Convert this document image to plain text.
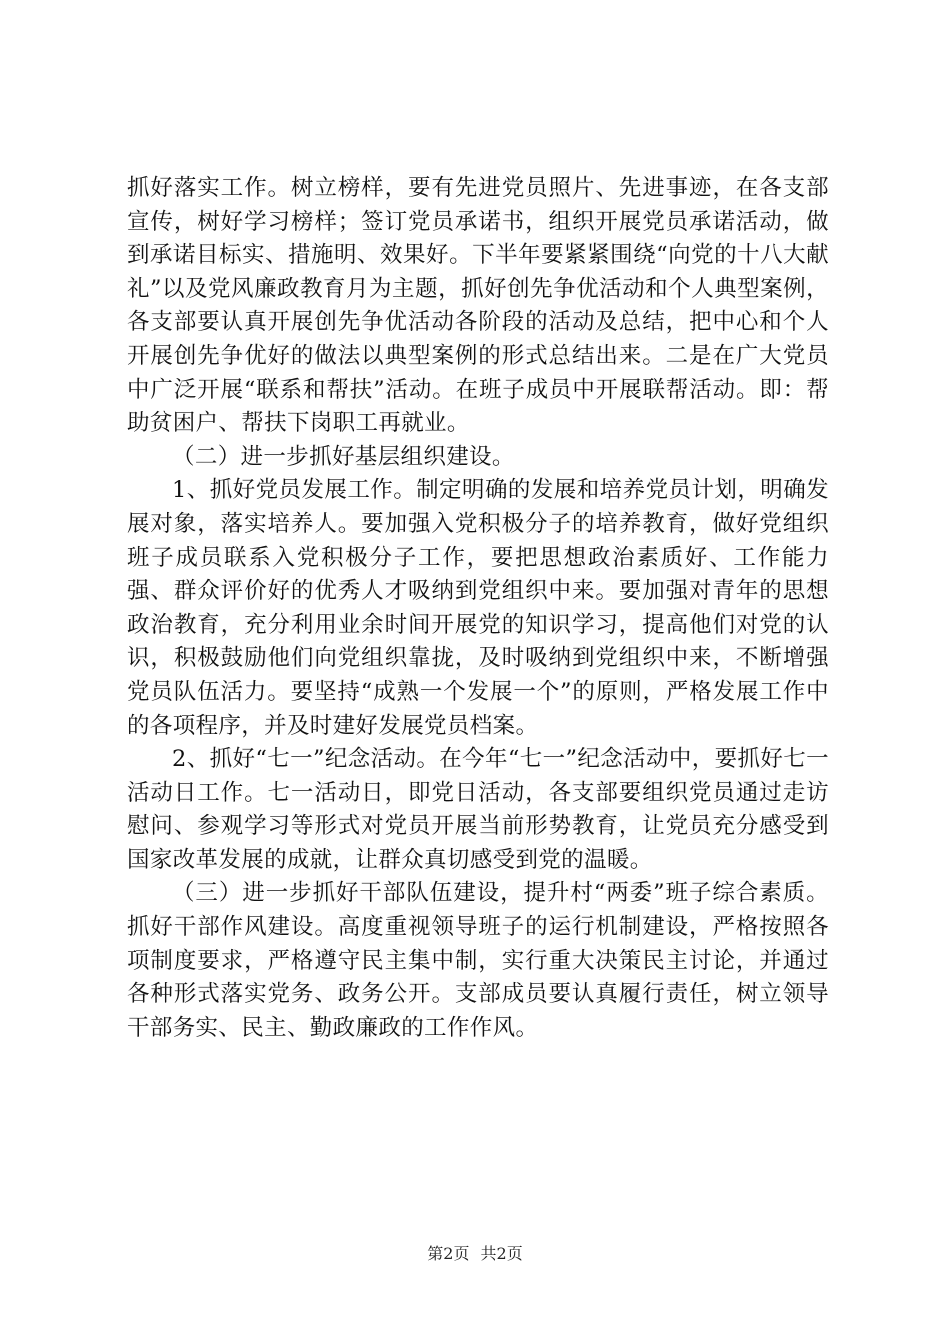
抓好落实工作。树立榜样，要有先进党员照片、先进事迹，在各支部宣传，树好学习榜样；签订党员承诺书，组织开展党员承诺活动，做到承诺目标实、措施明、效果好。下半年要紧紧围绕“向党的十八大献礼”以及党风廉政教育月为主题，抓好创先争优活动和个人典型案例，各支部要认真开展创先争优活动各阶段的活动及总结，把中心和个人开展创先争优好的做法以典型案例的形式总结出来。二是在广大党员中广泛开展“联系和帮扶”活动。在班子成员中开展联帮活动。即：帮助贫困户、帮扶下岗职工再就业。

（二）进一步抓好基层组织建设。

1、抓好党员发展工作。制定明确的发展和培养党员计划，明确发展对象，落实培养人。要加强入党积极分子的培养教育，做好党组织班子成员联系入党积极分子工作，要把思想政治素质好、工作能力强、群众评价好的优秀人才吸纳到党组织中来。要加强对青年的思想政治教育，充分利用业余时间开展党的知识学习，提高他们对党的认识，积极鼓励他们向党组织靠拢，及时吸纳到党组织中来，不断增强党员队伍活力。要坚持“成熟一个发展一个”的原则，严格发展工作中的各项程序，并及时建好发展党员档案。

2、抓好“七一”纪念活动。在今年“七一”纪念活动中，要抓好七一活动日工作。七一活动日，即党日活动，各支部要组织党员通过走访慰问、参观学习等形式对党员开展当前形势教育，让党员充分感受到国家改革发展的成就，让群众真切感受到党的温暖。

（三）进一步抓好干部队伍建设，提升村“两委”班子综合素质。抓好干部作风建设。高度重视领导班子的运行机制建设，严格按照各项制度要求，严格遵守民主集中制，实行重大决策民主讨论，并通过各种形式落实党务、政务公开。支部成员要认真履行责任，树立领导干部务实、民主、勤政廉政的工作作风。

第2页 共2页
